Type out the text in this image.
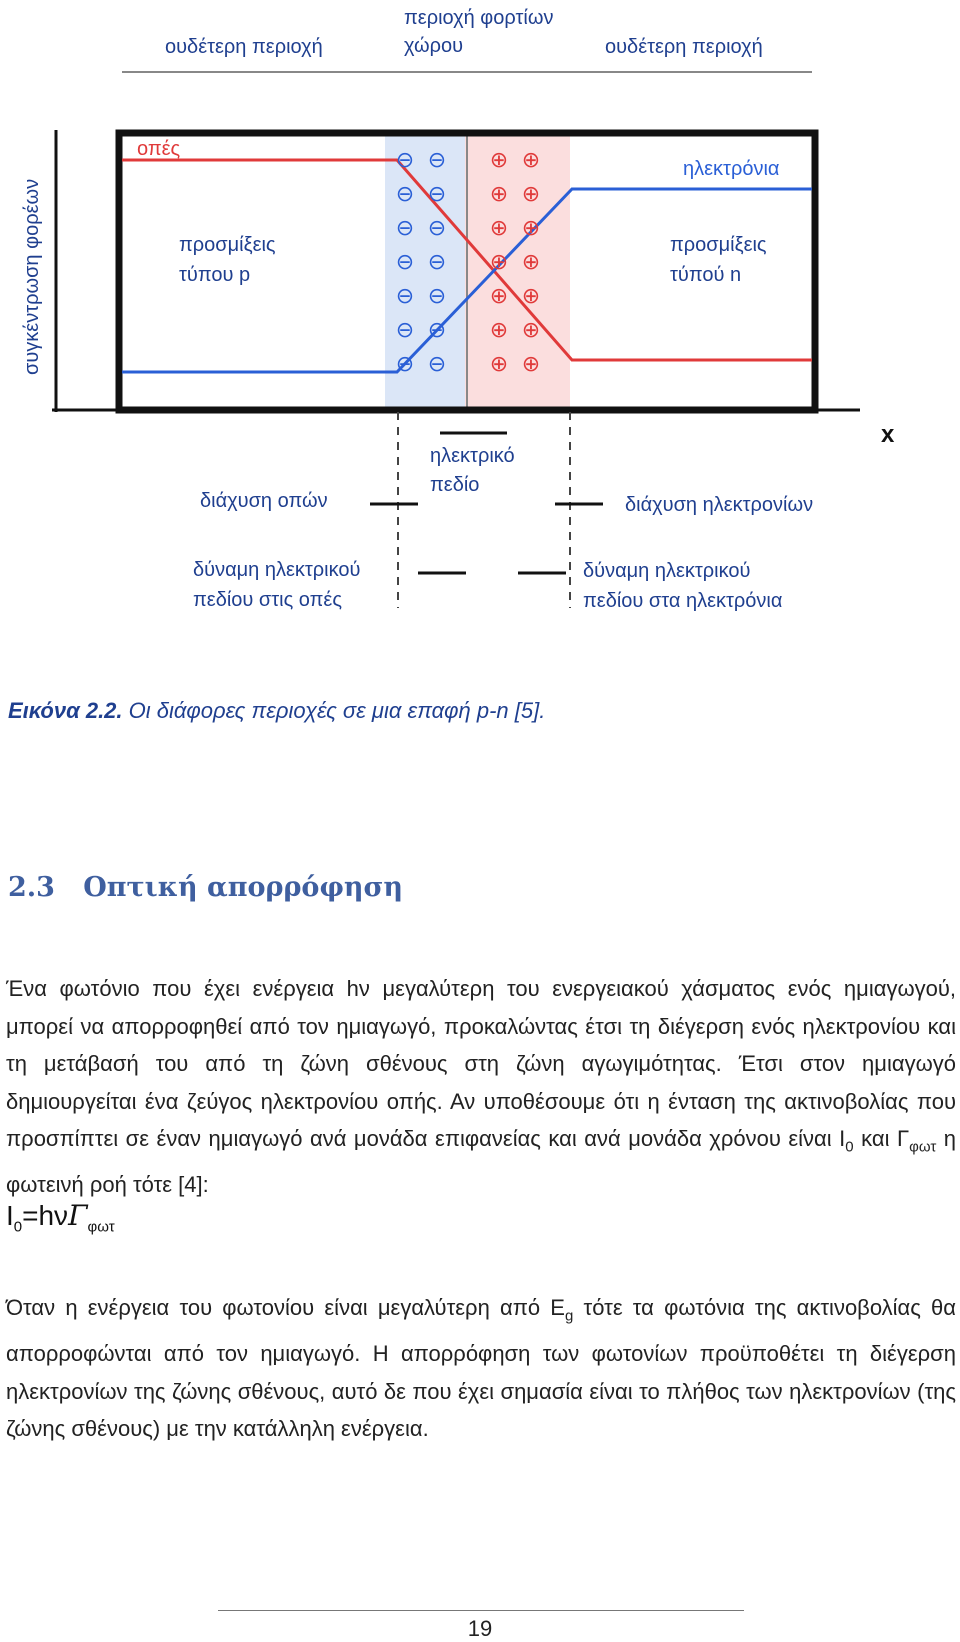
ουδέτερη περιοχή
περιοχή φορτίων
χώρου	ουδέτερη περιοχή
συγκέντρωση φορέων
x
οπές
ηλεκτρόνια
προσμίξεις
τύπου p
προσμίξεις
τύπού n
⊖ ⊖
⊖ ⊖
⊖ ⊖
⊖ ⊖
⊖ ⊖
⊖ ⊖
⊖ ⊖
⊕ ⊕
⊕ ⊕
⊕ ⊕
⊕ ⊕
⊕ ⊕
⊕ ⊕
⊕ ⊕
ηλεκτρικό
πεδίο
διάχυση οπών	διάχυση ηλεκτρονίων
δύναμη ηλεκτρικού
πεδίου στις οπές
δύναμη ηλεκτρικού
πεδίου στα ηλεκτρόνια
Εικόνα 2.2. Οι διάφορες περιοχές σε μια επαφή p-n [5].
2.3 Οπτική απορρόφηση

Ένα φωτόνιο που έχει ενέργεια hν μεγαλύτερη του ενεργειακού χάσματος ενός ημιαγωγού, μπορεί να απορροφηθεί από τον ημιαγωγό, προκαλώντας έτσι τη διέγερση ενός ηλεκτρονίου και τη μετάβασή του από τη ζώνη σθένους στη ζώνη αγωγιμότητας. Έτσι στον ημιαγωγό δημιουργείται ένα ζεύγος ηλεκτρονίου οπής. Αν υποθέσουμε ότι η ένταση της ακτινοβολίας που προσπίπτει σε έναν ημιαγωγό ανά μονάδα επιφανείας και ανά μονάδα χρόνου είναι $I_0$ και $\Gamma_{\varphi\omega\tau}$ η φωτεινή ροή τότε [4]:

$I_0=h\nu\Gamma_{\varphi\omega\tau}$

Όταν η ενέργεια του φωτονίου είναι μεγαλύτερη από $E_g$ τότε τα φωτόνια της ακτινοβολίας θα απορροφώνται από τον ημιαγωγό. Η απορρόφηση των φωτονίων προϋποθέτει τη διέγερση ηλεκτρονίων της ζώνης σθένους, αυτό δε που έχει σημασία είναι το πλήθος των ηλεκτρονίων (της ζώνης σθένους) με την κατάλληλη ενέργεια.

19
